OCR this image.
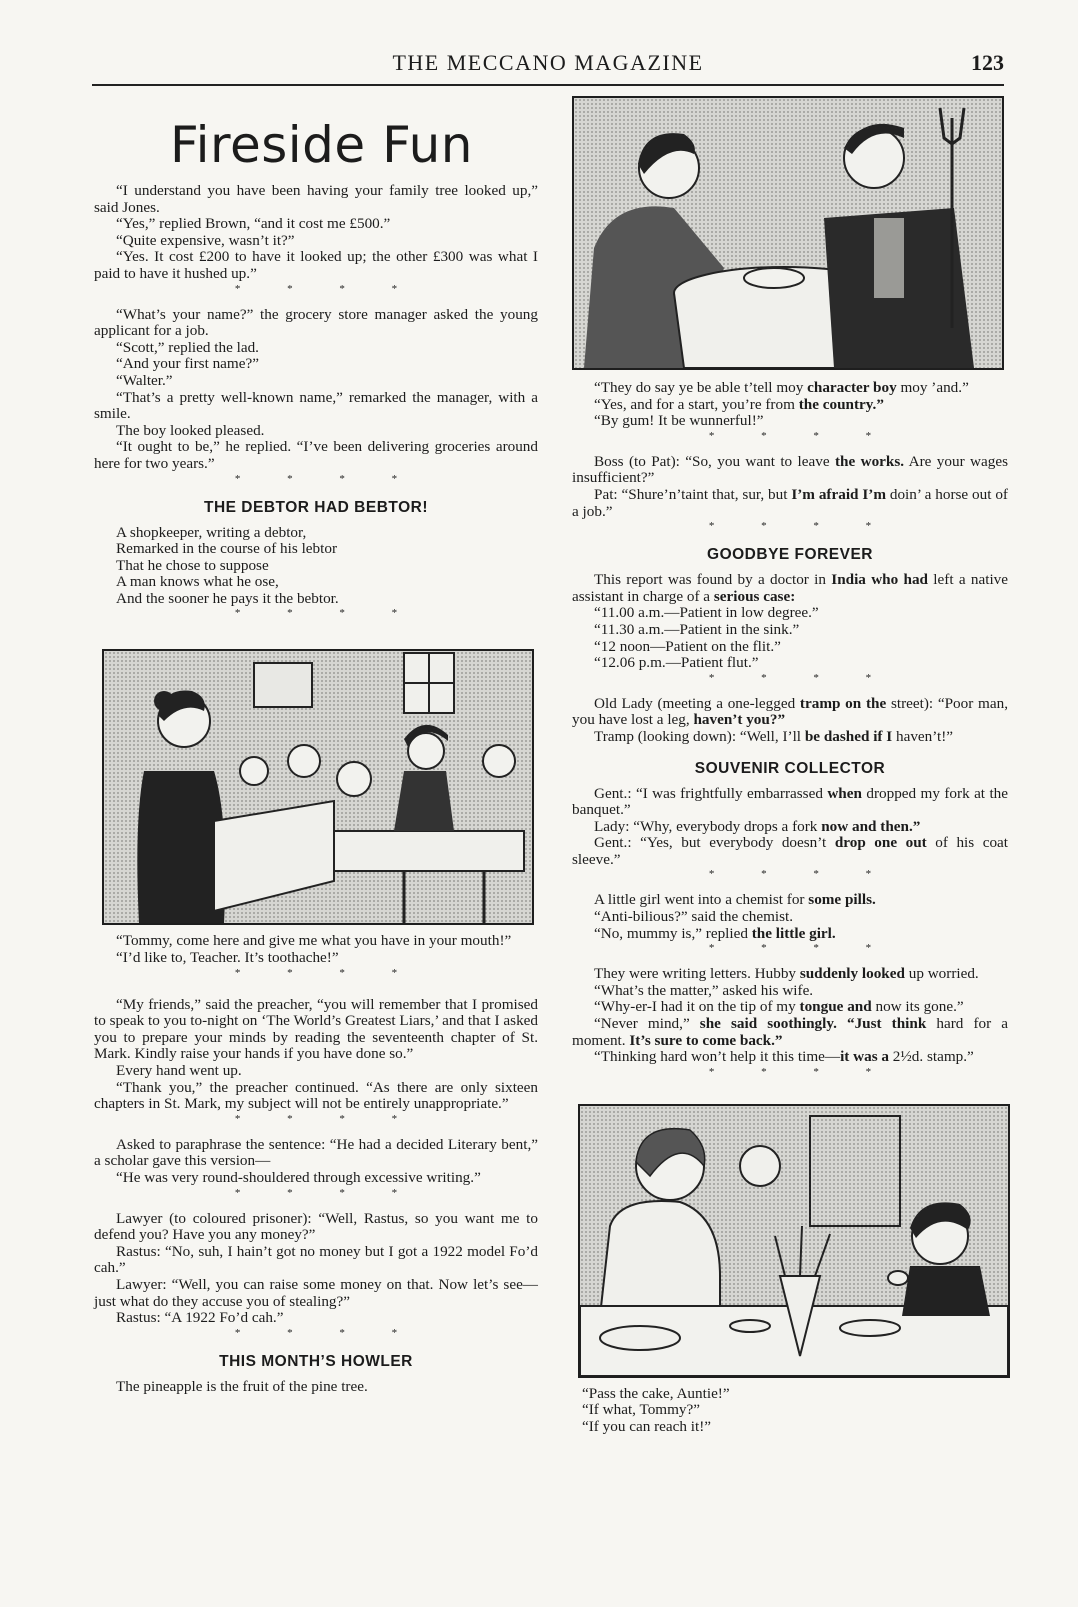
THE MECCANO MAGAZINE	123
Fireside Fun

“I understand you have been having your family tree looked up,” said Jones.

“Yes,” replied Brown, “and it cost me £500.”

“Quite expensive, wasn’t it?”

“Yes. It cost £200 to have it looked up; the other £300 was what I paid to have it hushed up.”

* * * *

“What’s your name?” the grocery store manager asked the young applicant for a job.

“Scott,” replied the lad.

“And your first name?”

“Walter.”

“That’s a pretty well-known name,” remarked the manager, with a smile.

The boy looked pleased.

“It ought to be,” he replied. “I’ve been delivering groceries around here for two years.”

* * * *
THE DEBTOR HAD BEBTOR!

A shopkeeper, writing a debtor,

Remarked in the course of his lebtor

That he chose to suppose

A man knows what he ose,

And the sooner he pays it the bebtor.

* * * *

“Tommy, come here and give me what you have in your mouth!”

“I’d like to, Teacher. It’s toothache!”

* * * *

“My friends,” said the preacher, “you will remember that I promised to speak to you to-night on ‘The World’s Greatest Liars,’ and that I asked you to prepare your minds by reading the seventeenth chapter of St. Mark. Kindly raise your hands if you have done so.”

Every hand went up.

“Thank you,” the preacher continued. “As there are only sixteen chapters in St. Mark, my subject will not be entirely unappropriate.”

* * * *

Asked to paraphrase the sentence: “He had a decided Literary bent,” a scholar gave this version—

“He was very round-shouldered through excessive writing.”

* * * *

Lawyer (to coloured prisoner): “Well, Rastus, so you want me to defend you? Have you any money?”

Rastus: “No, suh, I hain’t got no money but I got a 1922 model Fo’d cah.”

Lawyer: “Well, you can raise some money on that. Now let’s see—just what do they accuse you of stealing?”

Rastus: “A 1922 Fo’d cah.”

* * * *
THIS MONTH’S HOWLER

The pineapple is the fruit of the pine tree.

“They do say ye be able t’tell moy character boy moy ’and.”

“Yes, and for a start, you’re from the country.”

“By gum! It be wunnerful!”

* * * *

Boss (to Pat): “So, you want to leave the works. Are your wages insufficient?”

Pat: “Shure’n’taint that, sur, but I’m afraid I’m doin’ a horse out of a job.”

* * * *
GOODBYE FOREVER

This report was found by a doctor in India who had left a native assistant in charge of a serious case:

“11.00 a.m.—Patient in low degree.”

“11.30 a.m.—Patient in the sink.”

“12 noon—Patient on the flit.”

“12.06 p.m.—Patient flut.”

* * * *

Old Lady (meeting a one-legged tramp on the street): “Poor man, you have lost a leg, haven’t you?”

Tramp (looking down): “Well, I’ll be dashed if I haven’t!”

SOUVENIR COLLECTOR

Gent.: “I was frightfully embarrassed when dropped my fork at the banquet.”

Lady: “Why, everybody drops a fork now and then.”

Gent.: “Yes, but everybody doesn’t drop one out of his coat sleeve.”

* * * *

A little girl went into a chemist for some pills.

“Anti-bilious?” said the chemist.

“No, mummy is,” replied the little girl.

* * * *

They were writing letters. Hubby suddenly looked up worried.

“What’s the matter,” asked his wife.

“Why-er-I had it on the tip of my tongue and now its gone.”

“Never mind,” she said soothingly. “Just think hard for a moment. It’s sure to come back.”

“Thinking hard won’t help it this time—it was a 2½d. stamp.”

* * * *

“Pass the cake, Auntie!”

“If what, Tommy?”

“If you can reach it!”
